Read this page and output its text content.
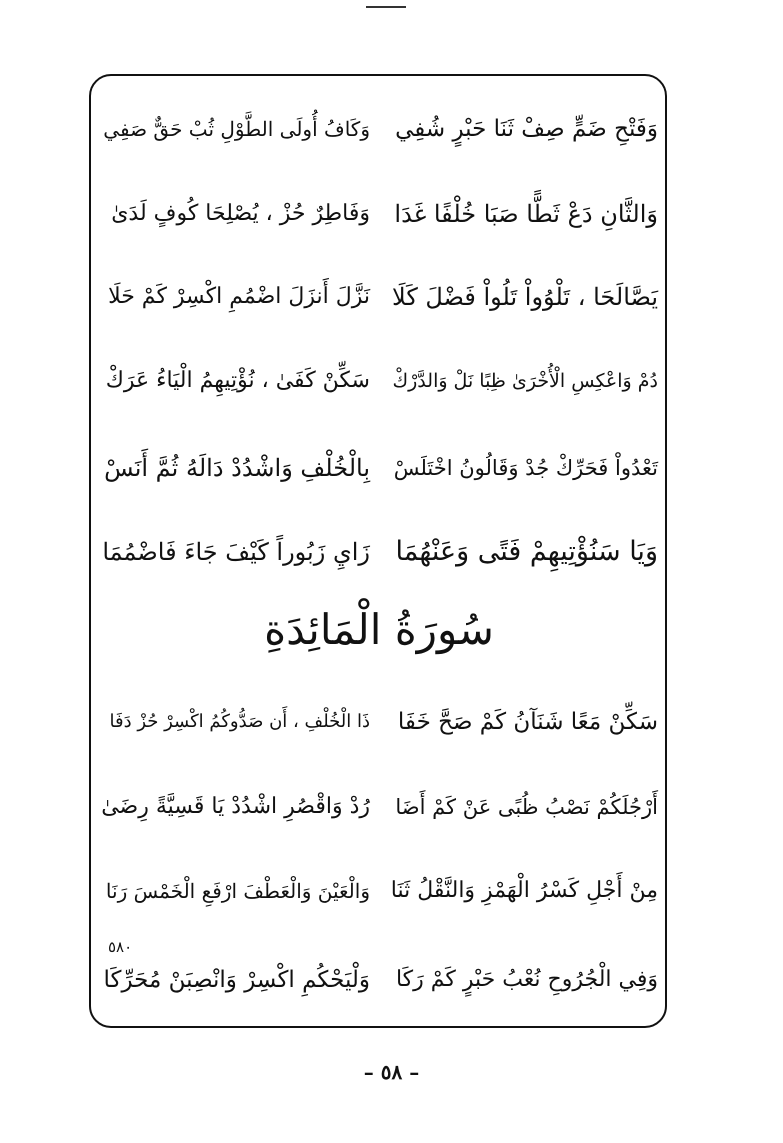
وَفَتْحِ ضَمٍّ صِفْ ثَنَا حَبْرٍ شُفِي
وَكَافُ أُولَى الطَّوْلِ ثُبْ حَقٌّ صَفِي
وَالثَّانِ دَعْ ثَطًّا صَبَا خُلْفًا غَدَا
وَفَاطِرٌ حُزْ ، يُصْلِحَا كُوفٍ لَدَىٰ
يَصَّالَحَا ، تَلْوُواْ تَلُواْ فَضْلَ كَلَا
نَزَّلَ أَنزَلَ اضْمُمِ اكْسِرْ كَمْ حَلَا
دُمْ وَاعْكِسِ الْأُخْرَىٰ ظِبًا نَلْ وَالدَّرْكْ
سَكِّنْ كَفَىٰ ، نُؤْتِيهِمُ الْيَاءُ عَرَكْ
تَعْدُواْ فَحَرِّكْ جُدْ وَقَالُونُ اخْتَلَسْ
بِالْخُلْفِ وَاشْدُدْ دَالَهُ ثُمَّ أَنَسْ
وَيَا سَنُؤْتِيهِمْ فَتًى وَعَنْهُمَا
زَايِ زَبُوراً كَيْفَ جَاءَ فَاضْمُمَا
سُورَةُ الْمَائِدَةِ
سَكِّنْ مَعًا شَنَآنُ كَمْ صَحَّ خَفَا
ذَا الْخُلْفِ ، أَن صَدُّوكُمُ اكْسِرْ حُزْ دَفَا
أَرْجُلَكُمْ نَصْبُ ظُبًى عَنْ كَمْ أَضَا
رُدْ وَاقْصُرِ اشْدُدْ يَا قَسِيَّةً رِضَىٰ
مِنْ أَجْلِ كَسْرُ الْهَمْزِ وَالنَّقْلُ ثَنَا
وَالْعَيْنَ وَالْعَطْفَ ارْفَعِ الْخَمْسَ رَنَا
٥٨٠
وَفِي الْجُرُوحِ نُعْبُ حَبْرٍ كَمْ رَكَا
وَلْيَحْكُمِ اكْسِرْ وَانْصِبَنْ مُحَرِّكَا
– ٥٨ –
